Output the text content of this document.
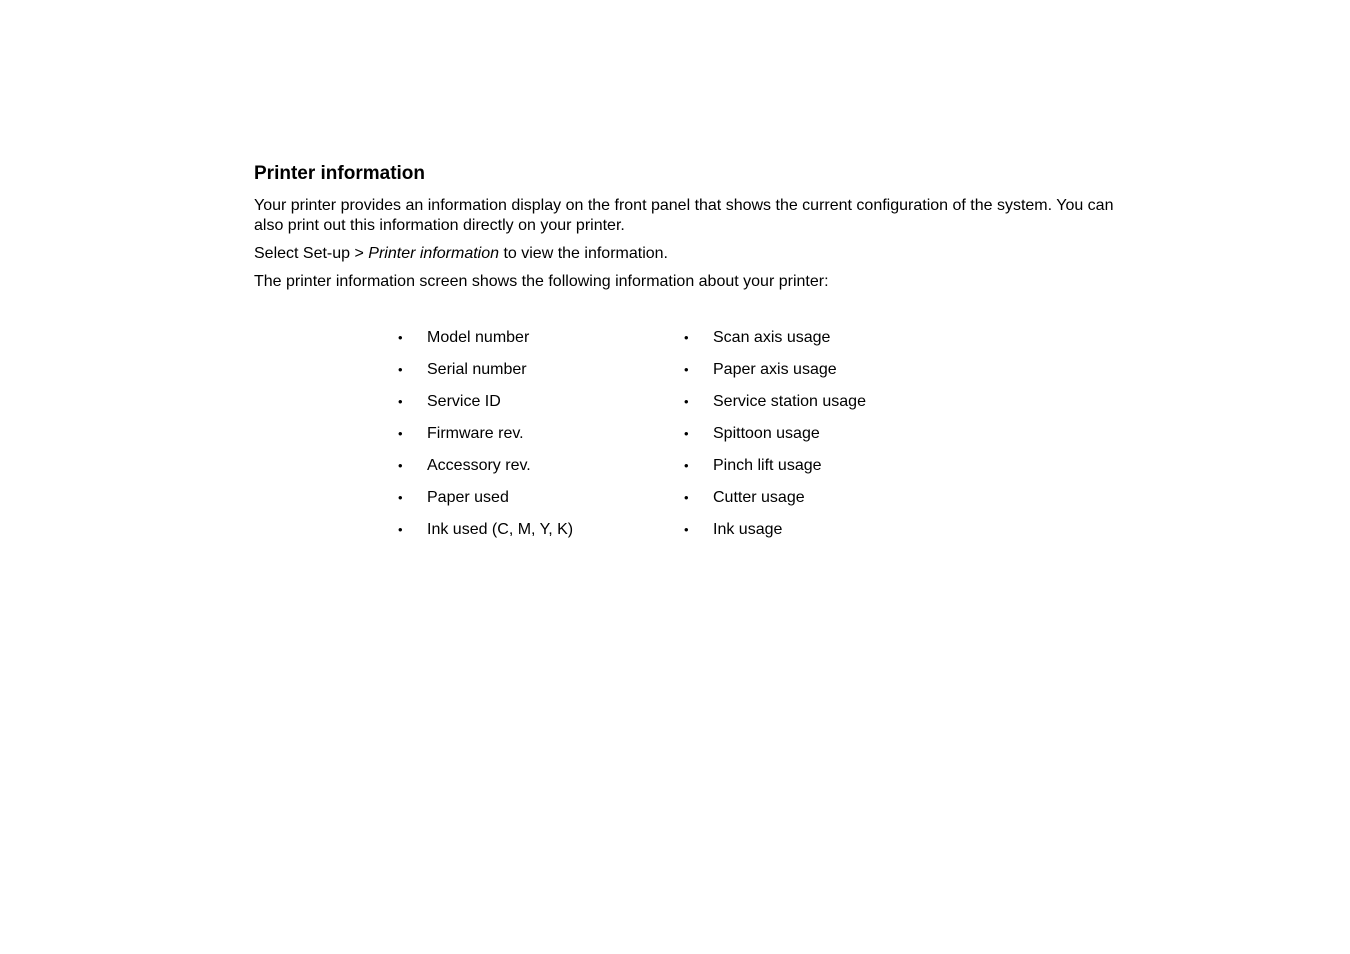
Printer information

Your printer provides an information display on the front panel that shows the current configuration of the system. You can also print out this information directly on your printer.

Select Set-up > Printer information to view the information.

The printer information screen shows the following information about your printer:

• Model number
• Serial number
• Service ID
• Firmware rev.
• Accessory rev.
• Paper used
• Ink used (C, M, Y, K)
• Scan axis usage
• Paper axis usage
• Service station usage
• Spittoon usage
• Pinch lift usage
• Cutter usage
• Ink usage
